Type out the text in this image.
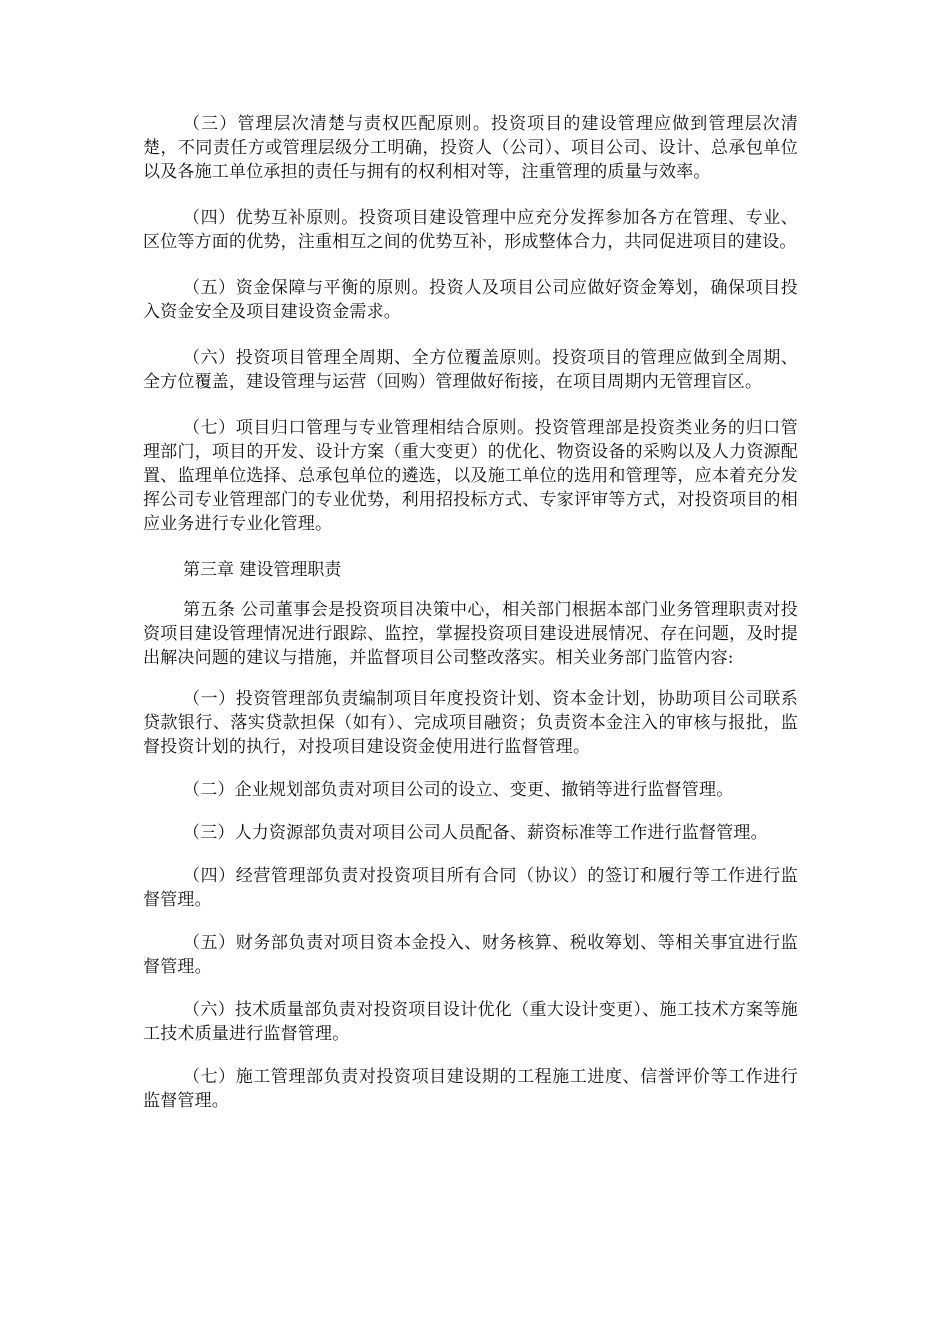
（三）管理层次清楚与责权匹配原则。投资项目的建设管理应做到管理层次清楚，不同责任方或管理层级分工明确，投资人（公司）、项目公司、设计、总承包单位以及各施工单位承担的责任与拥有的权利相对等，注重管理的质量与效率。

（四）优势互补原则。投资项目建设管理中应充分发挥参加各方在管理、专业、区位等方面的优势，注重相互之间的优势互补，形成整体合力，共同促进项目的建设。

（五）资金保障与平衡的原则。投资人及项目公司应做好资金筹划，确保项目投入资金安全及项目建设资金需求。

（六）投资项目管理全周期、全方位覆盖原则。投资项目的管理应做到全周期、全方位覆盖，建设管理与运营（回购）管理做好衔接，在项目周期内无管理盲区。

（七）项目归口管理与专业管理相结合原则。投资管理部是投资类业务的归口管理部门，项目的开发、设计方案（重大变更）的优化、物资设备的采购以及人力资源配置、监理单位选择、总承包单位的遴选，以及施工单位的选用和管理等，应本着充分发挥公司专业管理部门的专业优势，利用招投标方式、专家评审等方式，对投资项目的相应业务进行专业化管理。

第三章 建设管理职责

第五条 公司董事会是投资项目决策中心，相关部门根据本部门业务管理职责对投资项目建设管理情况进行跟踪、监控，掌握投资项目建设进展情况、存在问题，及时提出解决问题的建议与措施，并监督项目公司整改落实。相关业务部门监管内容:

（一）投资管理部负责编制项目年度投资计划、资本金计划，协助项目公司联系贷款银行、落实贷款担保（如有）、完成项目融资；负责资本金注入的审核与报批，监督投资计划的执行，对投项目建设资金使用进行监督管理。

（二）企业规划部负责对项目公司的设立、变更、撤销等进行监督管理。

（三）人力资源部负责对项目公司人员配备、薪资标准等工作进行监督管理。

（四）经营管理部负责对投资项目所有合同（协议）的签订和履行等工作进行监督管理。

（五）财务部负责对项目资本金投入、财务核算、税收筹划、等相关事宜进行监督管理。

（六）技术质量部负责对投资项目设计优化（重大设计变更）、施工技术方案等施工技术质量进行监督管理。

（七）施工管理部负责对投资项目建设期的工程施工进度、信誉评价等工作进行监督管理。
